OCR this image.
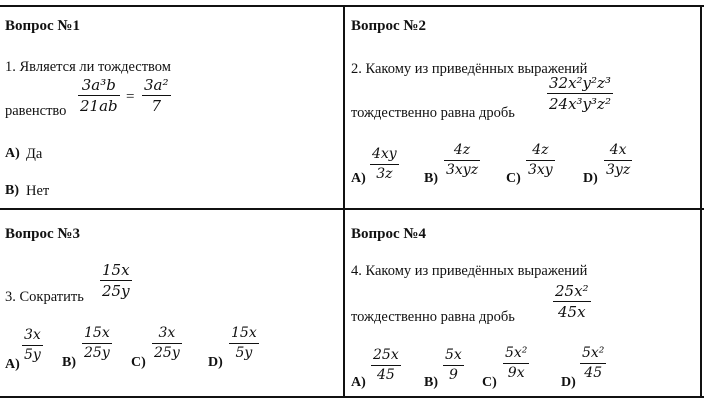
Вопрос №1
1. Является ли тождеством
равенство
3a³b
21ab
=
3a²
7
А) Да
В) Нет
Вопрос №2
2. Какому из приведённых выражений
тождественно равна дробь
32x²y²z³
24x³y³z²
А)
4xy
3z	В)
4z
3xyz
С)
4z
3xy
D)
4x
3yz
Вопрос №3
3. Сократить
15x
25y
А)
3x
5y В)
15x
25y
С)
3x
25y
D)
15x
5y
Вопрос №4
4. Какому из приведённых выражений
тождественно равна дробь
25x²
45x
А)
25x
45	В)
5x
9	С)
5x²
9x
D)
5x²
45
